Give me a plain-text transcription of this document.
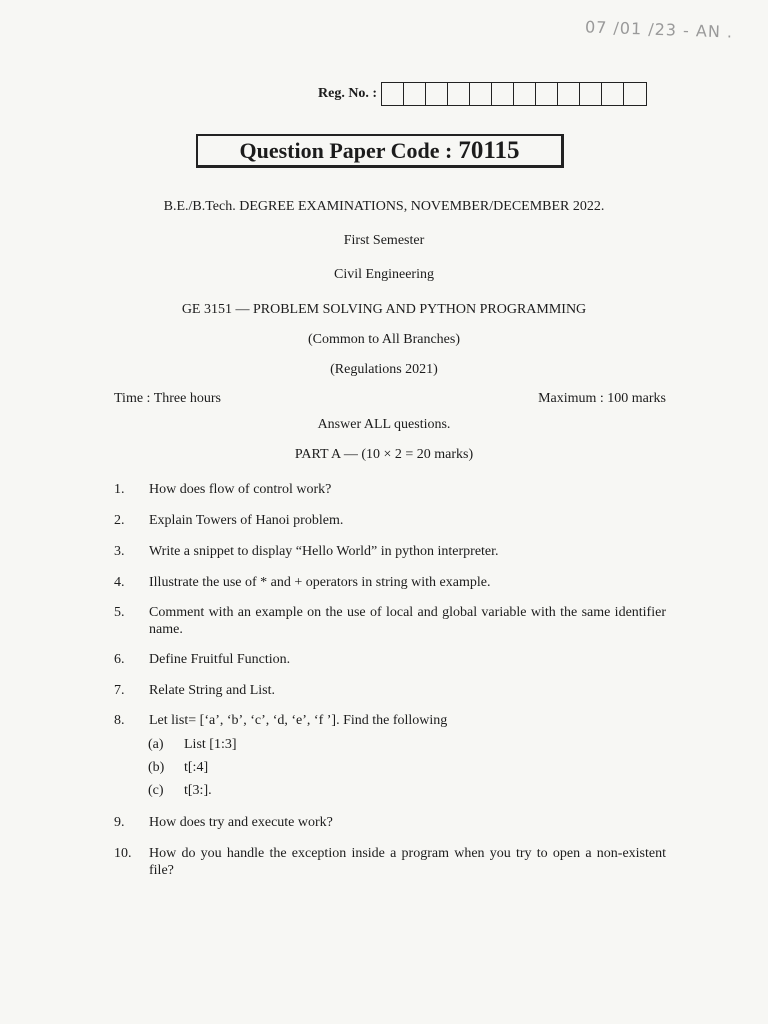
07 /01 /23 - AN .
Reg. No. :
Question Paper Code : 70115
B.E./B.Tech. DEGREE EXAMINATIONS, NOVEMBER/DECEMBER 2022.
First Semester
Civil Engineering
GE 3151 — PROBLEM SOLVING AND PYTHON PROGRAMMING
(Common to All Branches)
(Regulations 2021)
Time : Three hours	Maximum : 100 marks
Answer ALL questions.
PART A — (10 × 2 = 20 marks)
1.	How does flow of control work?
2.	Explain Towers of Hanoi problem.
3.	Write a snippet to display “Hello World” in python interpreter.
4.	Illustrate the use of * and + operators in string with example.
5.	Comment with an example on the use of local and global variable with the same identifier name.
6.	Define Fruitful Function.
7.	Relate String and List.
8.	Let list= [‘a’, ‘b’, ‘c’, ‘d, ‘e’, ‘f ’]. Find the following
(a) List [1:3]
(b) t[:4]
(c) t[3:].
9.	How does try and execute work?
10.	How do you handle the exception inside a program when you try to open a non-existent file?
